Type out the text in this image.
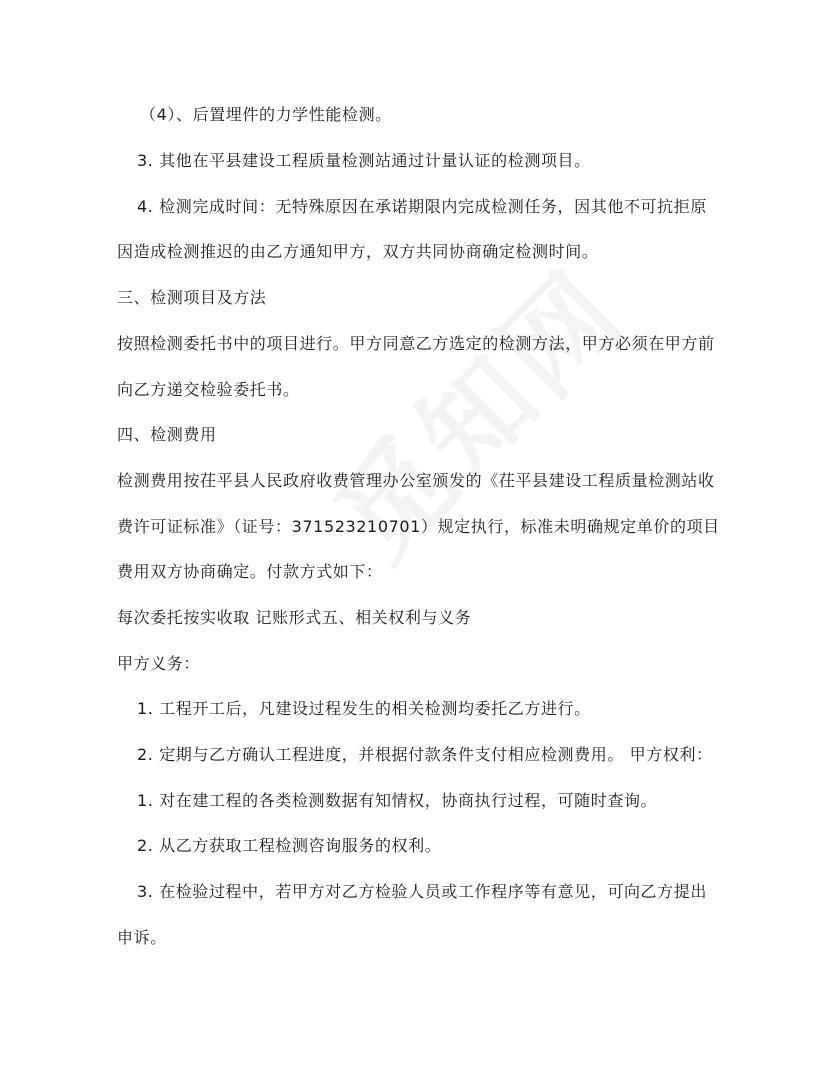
（4）、后置埋件的力学性能检测。
3. 其他在平县建设工程质量检测站通过计量认证的检测项目。
4. 检测完成时间：无特殊原因在承诺期限内完成检测任务，因其他不可抗拒原
因造成检测推迟的由乙方通知甲方，双方共同协商确定检测时间。
三、检测项目及方法
按照检测委托书中的项目进行。甲方同意乙方选定的检测方法，甲方必须在甲方前
向乙方递交检验委托书。
四、检测费用
检测费用按茌平县人民政府收费管理办公室颁发的《茌平县建设工程质量检测站收
费许可证标准》（证号：371523210701）规定执行，标准未明确规定单价的项目
费用双方协商确定。付款方式如下：
每次委托按实收取 记账形式五、相关权利与义务
甲方义务：
1. 工程开工后，凡建设过程发生的相关检测均委托乙方进行。
2. 定期与乙方确认工程进度，并根据付款条件支付相应检测费用。 甲方权利：
1. 对在建工程的各类检测数据有知情权，协商执行过程，可随时查询。
2. 从乙方获取工程检测咨询服务的权利。
3. 在检验过程中，若甲方对乙方检验人员或工作程序等有意见，可向乙方提出
申诉。
